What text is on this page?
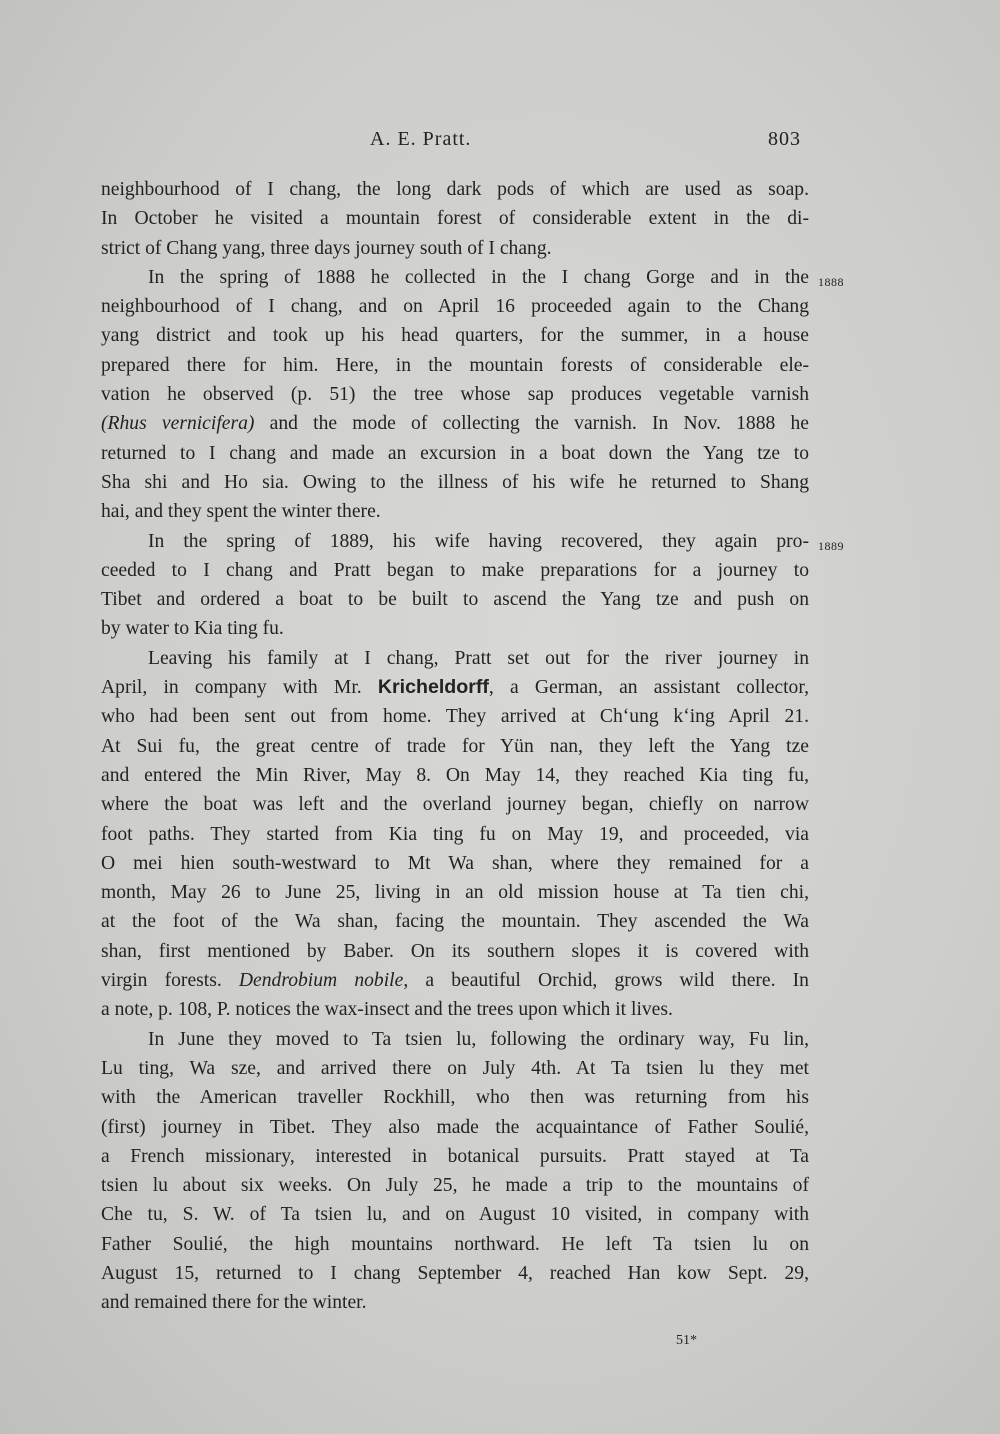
A. E. Pratt.	803
1888
1889

neighbourhood of I chang, the long dark pods of which are used as soap.
In October he visited a mountain forest of considerable extent in the di-
strict of Chang yang, three days journey south of I chang.

In the spring of 1888 he collected in the I chang Gorge and in the
neighbourhood of I chang, and on April 16 proceeded again to the Chang
yang district and took up his head quarters, for the summer, in a house
prepared there for him. Here, in the mountain forests of considerable ele-
vation he observed (p. 51) the tree whose sap produces vegetable varnish
(Rhus vernicifera) and the mode of collecting the varnish. In Nov. 1888 he
returned to I chang and made an excursion in a boat down the Yang tze to
Sha shi and Ho sia. Owing to the illness of his wife he returned to Shang
hai, and they spent the winter there.

In the spring of 1889, his wife having recovered, they again pro-
ceeded to I chang and Pratt began to make preparations for a journey to
Tibet and ordered a boat to be built to ascend the Yang tze and push on
by water to Kia ting fu.

Leaving his family at I chang, Pratt set out for the river journey in
April, in company with Mr. Kricheldorff, a German, an assistant collector,
who had been sent out from home. They arrived at Ch‘ung k‘ing April 21.
At Sui fu, the great centre of trade for Yün nan, they left the Yang tze
and entered the Min River, May 8. On May 14, they reached Kia ting fu,
where the boat was left and the overland journey began, chiefly on narrow
foot paths. They started from Kia ting fu on May 19, and proceeded, via
O mei hien south-westward to Mt Wa shan, where they remained for a
month, May 26 to June 25, living in an old mission house at Ta tien chi,
at the foot of the Wa shan, facing the mountain. They ascended the Wa
shan, first mentioned by Baber. On its southern slopes it is covered with
virgin forests. Dendrobium nobile, a beautiful Orchid, grows wild there. In
a note, p. 108, P. notices the wax-insect and the trees upon which it lives.

In June they moved to Ta tsien lu, following the ordinary way, Fu lin,
Lu ting, Wa sze, and arrived there on July 4th. At Ta tsien lu they met
with the American traveller Rockhill, who then was returning from his
(first) journey in Tibet. They also made the acquaintance of Father Soulié,
a French missionary, interested in botanical pursuits. Pratt stayed at Ta
tsien lu about six weeks. On July 25, he made a trip to the mountains of
Che tu, S. W. of Ta tsien lu, and on August 10 visited, in company with
Father Soulié, the high mountains northward. He left Ta tsien lu on
August 15, returned to I chang September 4, reached Han kow Sept. 29,
and remained there for the winter.

51*
